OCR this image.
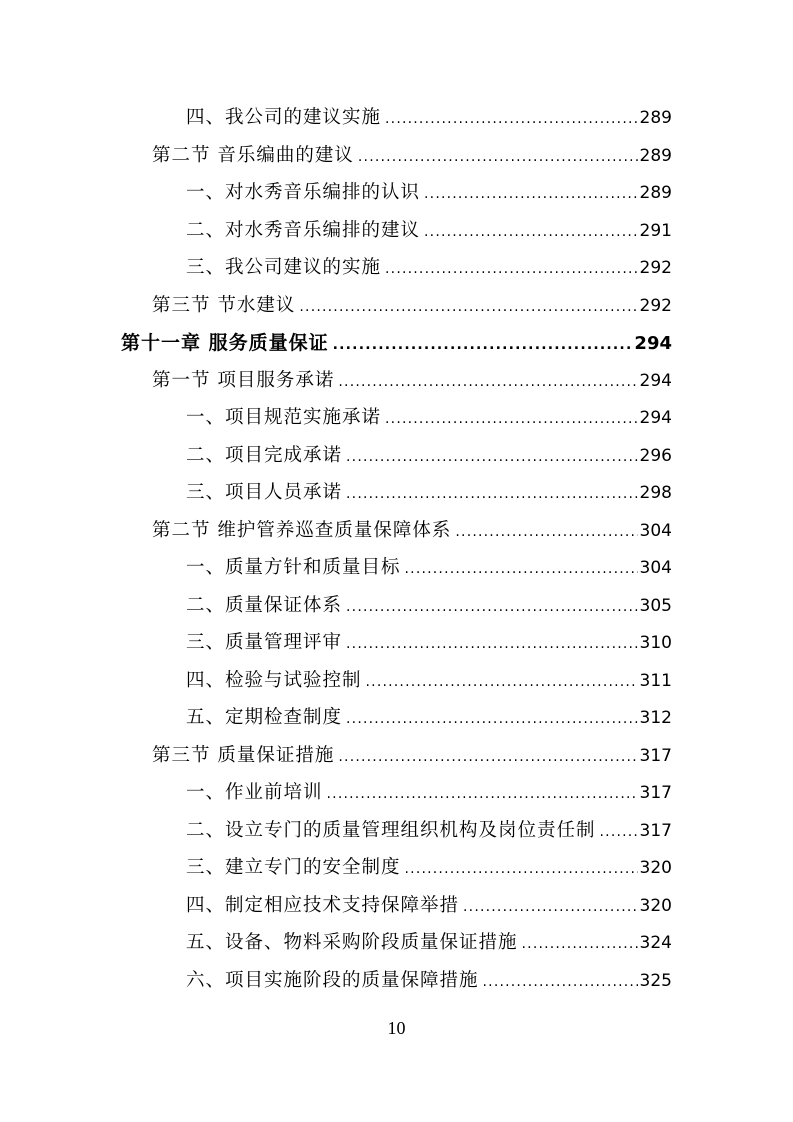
四、我公司的建议实施 .....	289
第二节 音乐编曲的建议 .....	289
一、对水秀音乐编排的认识 .....	289
二、对水秀音乐编排的建议 .....	291
三、我公司建议的实施 .....	292
第三节 节水建议 .....	292
第十一章 服务质量保证 .....	294
第一节 项目服务承诺 .....	294
一、项目规范实施承诺 .....	294
二、项目完成承诺 .....	296
三、项目人员承诺 .....	298
第二节 维护管养巡查质量保障体系 .....	304
一、质量方针和质量目标 .....	304
二、质量保证体系 .....	305
三、质量管理评审 .....	310
四、检验与试验控制 .....	311
五、定期检查制度 .....	312
第三节 质量保证措施 .....	317
一、作业前培训 .....	317
二、设立专门的质量管理组织机构及岗位责任制 .....	317
三、建立专门的安全制度 .....	320
四、制定相应技术支持保障举措 .....	320
五、设备、物料采购阶段质量保证措施 .....	324
六、项目实施阶段的质量保障措施 .....	325
10
